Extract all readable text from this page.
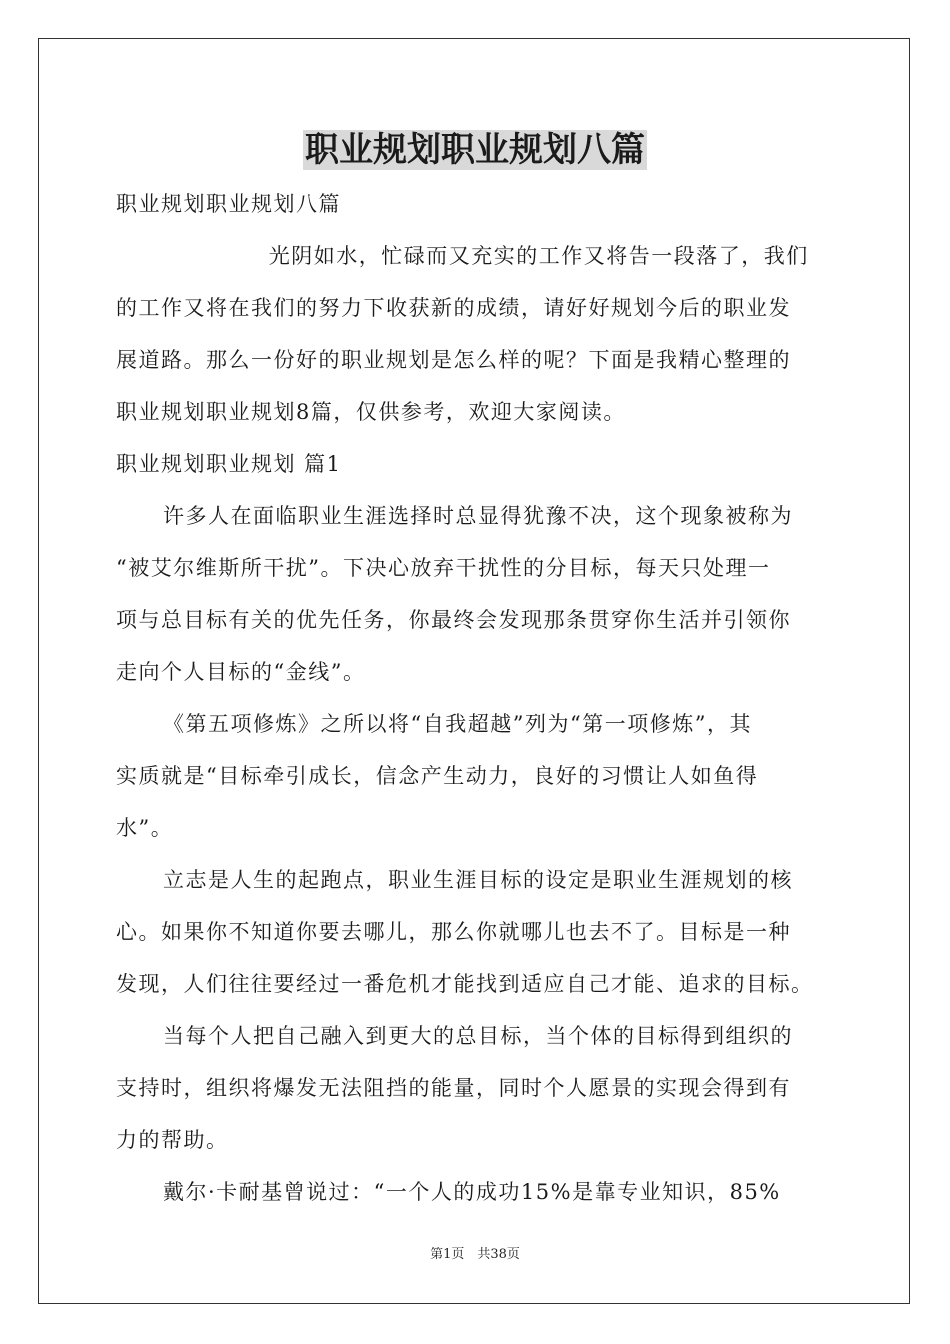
职业规划职业规划八篇
职业规划职业规划八篇
光阴如水，忙碌而又充实的工作又将告一段落了，我们
的工作又将在我们的努力下收获新的成绩，请好好规划今后的职业发
展道路。那么一份好的职业规划是怎么样的呢？下面是我精心整理的
职业规划职业规划8篇，仅供参考，欢迎大家阅读。
职业规划职业规划 篇1
许多人在面临职业生涯选择时总显得犹豫不决，这个现象被称为
“被艾尔维斯所干扰”。下决心放弃干扰性的分目标，每天只处理一
项与总目标有关的优先任务，你最终会发现那条贯穿你生活并引领你
走向个人目标的“金线”。
《第五项修炼》之所以将“自我超越”列为“第一项修炼”，其
实质就是“目标牵引成长，信念产生动力，良好的习惯让人如鱼得
水”。
立志是人生的起跑点，职业生涯目标的设定是职业生涯规划的核
心。如果你不知道你要去哪儿，那么你就哪儿也去不了。目标是一种
发现，人们往往要经过一番危机才能找到适应自己才能、追求的目标。
当每个人把自己融入到更大的总目标，当个体的目标得到组织的
支持时，组织将爆发无法阻挡的能量，同时个人愿景的实现会得到有
力的帮助。
戴尔·卡耐基曾说过：“一个人的成功15%是靠专业知识，85%
第1页　共38页
